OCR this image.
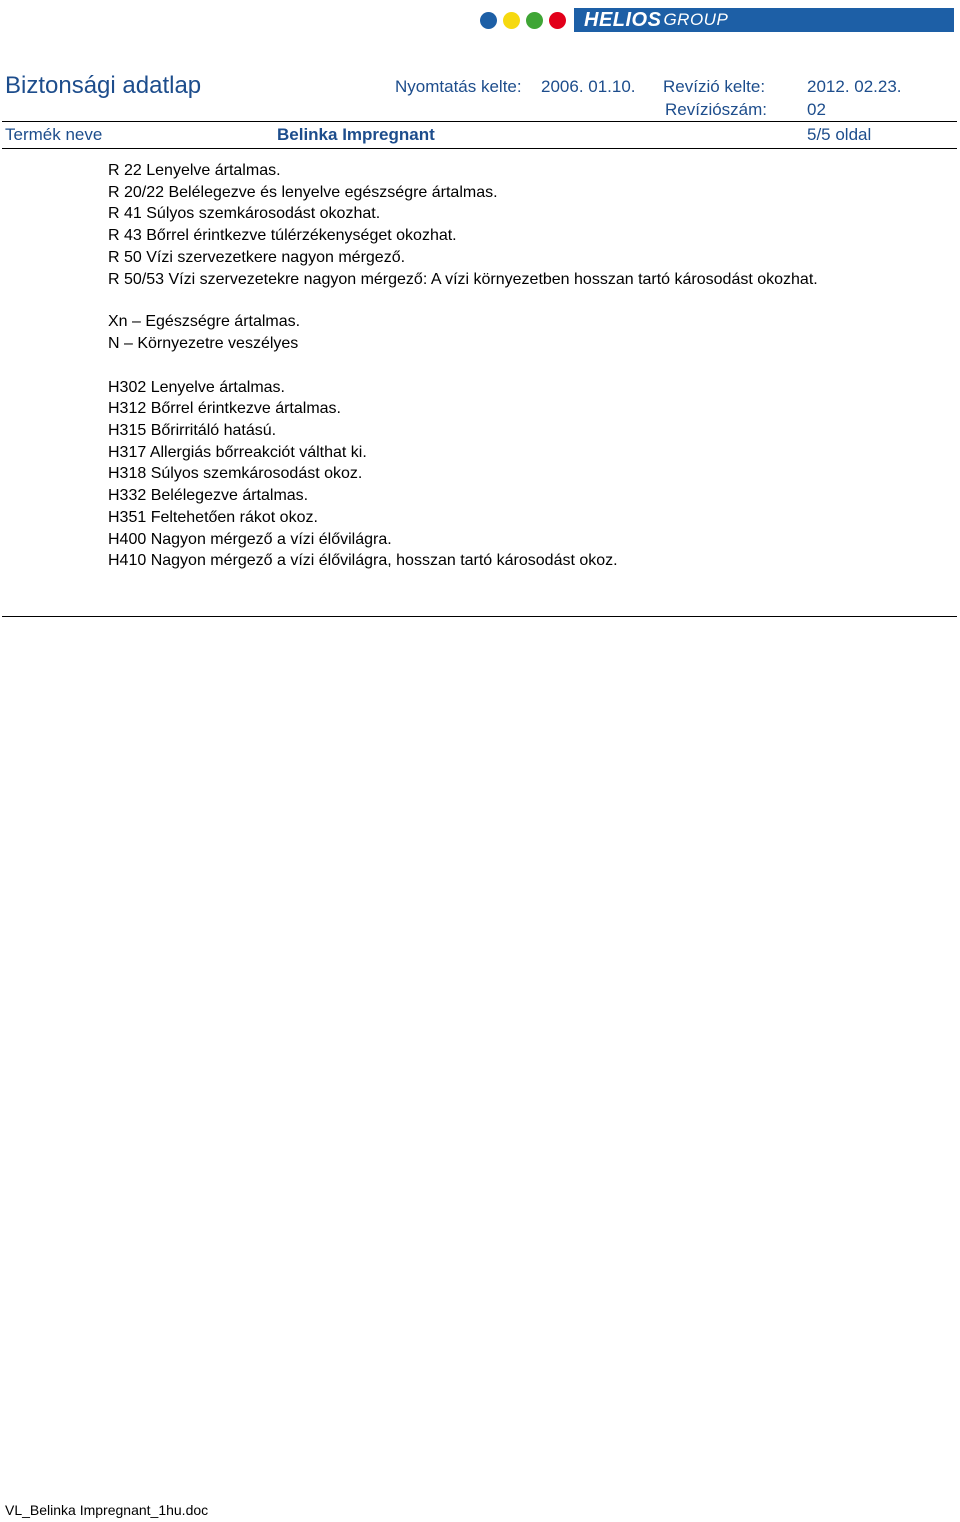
HELIOS GROUP
Biztonsági adatlap	Nyomtatás kelte: 2006. 01.10. Revízió kelte: 2012. 02.23.
Revíziószám: 02
Termék neve	Belinka Impregnant	5/5 oldal

R 22 Lenyelve ártalmas.

R 20/22 Belélegezve és lenyelve egészségre ártalmas.

R 41 Súlyos szemkárosodást okozhat.

R 43 Bőrrel érintkezve túlérzékenységet okozhat.

R 50 Vízi szervezetkere nagyon mérgező.

R 50/53 Vízi szervezetekre nagyon mérgező: A vízi környezetben hosszan tartó károsodást okozhat.

Xn – Egészségre ártalmas.

N – Környezetre veszélyes

H302 Lenyelve ártalmas.

H312 Bőrrel érintkezve ártalmas.

H315 Bőrirritáló hatású.

H317 Allergiás bőrreakciót válthat ki.

H318 Súlyos szemkárosodást okoz.

H332 Belélegezve ártalmas.

H351 Feltehetően rákot okoz.

H400 Nagyon mérgező a vízi élővilágra.

H410 Nagyon mérgező a vízi élővilágra, hosszan tartó károsodást okoz.

VL_Belinka Impregnant_1hu.doc
